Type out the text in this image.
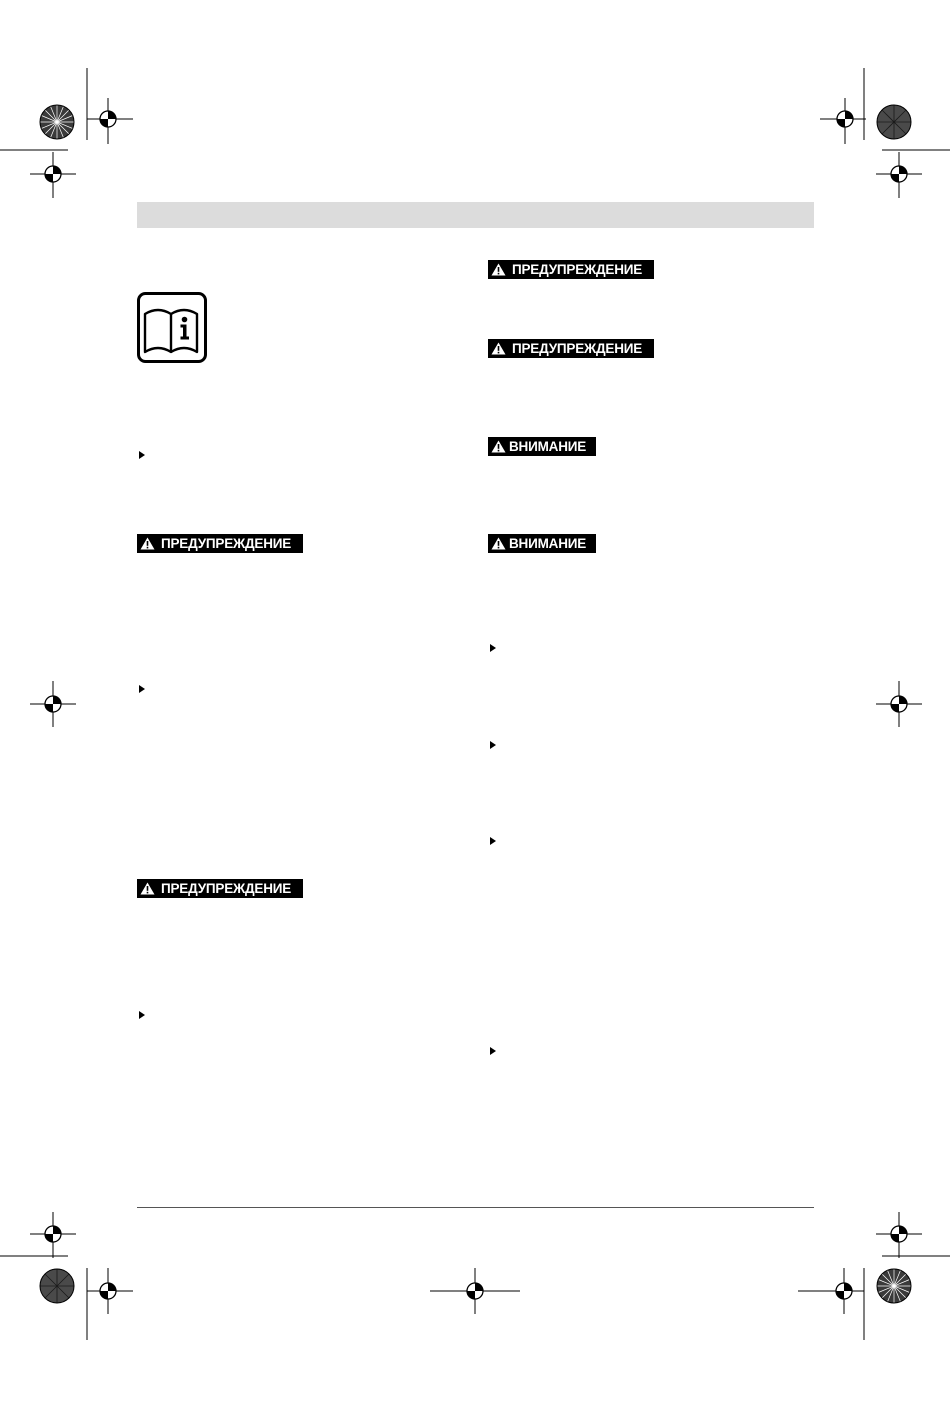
ПРЕДУПРЕЖДЕНИЕ
ПРЕДУПРЕЖДЕНИЕ
ПРЕДУПРЕЖДЕНИЕ
ПРЕДУПРЕЖДЕНИЕ
ВНИМАНИЕ
ВНИМАНИЕ
